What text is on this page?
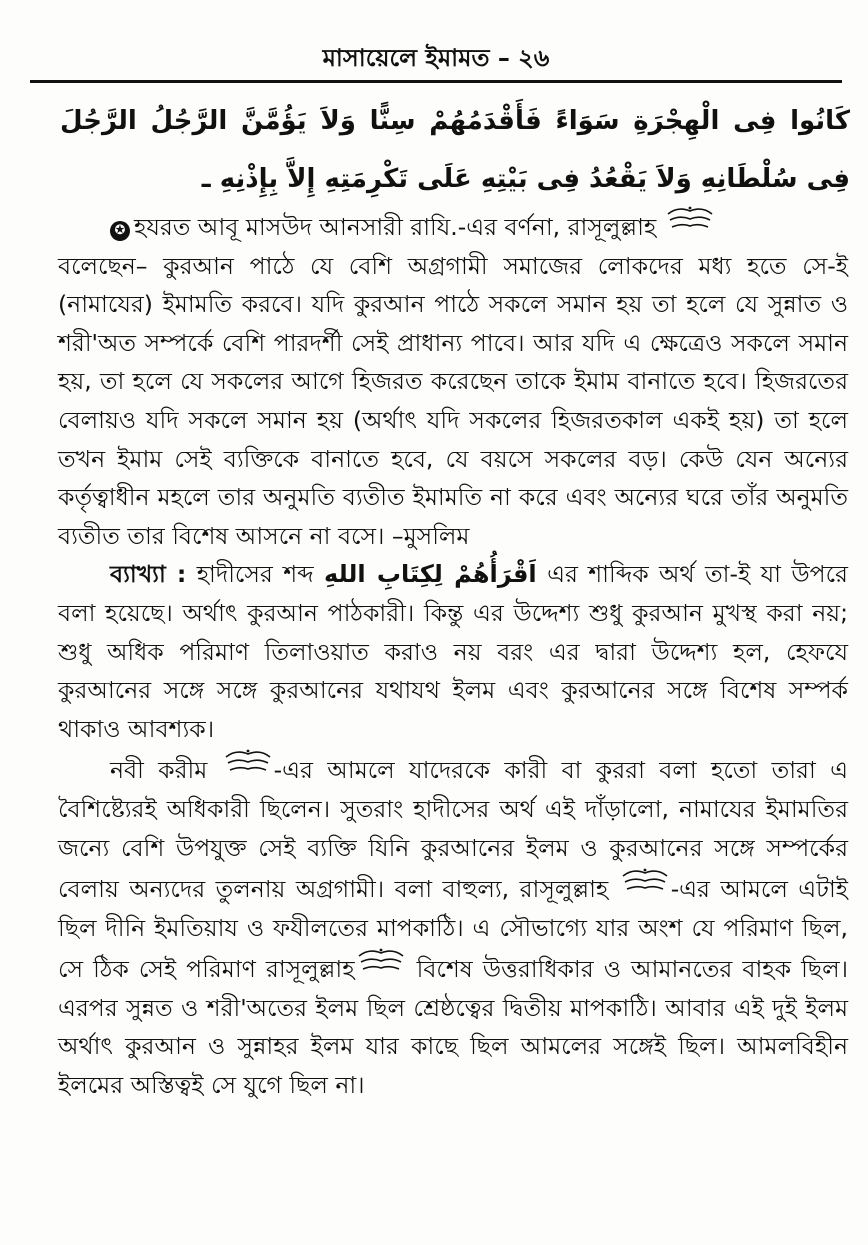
মাসায়েলে ইমামত – ২৬
كَانُوا فِى الْهِجْرَةِ سَوَاءً فَأَقْدَمُهُمْ سِنًّا وَلاَ يَؤُمَّنَّ الرَّجُلُ الرَّجُلَ فِى سُلْطَانِهِ وَلاَ يَقْعُدُ فِى بَيْتِهِ عَلَى تَكْرِمَتِهِ إِلاَّ بِإِذْنِهِ ـ

✪ হযরত আবূ মাসউদ আনসারী রাযি.-এর বর্ণনা, রাসূলুল্লাহ

বলেছেন– কুরআন পাঠে যে বেশি অগ্রগামী সমাজের লোকদের মধ্য হতে সে-ই (নামাযের) ইমামতি করবে। যদি কুরআন পাঠে সকলে সমান হয় তা হলে যে সুন্নাত ও শরী'অত সম্পর্কে বেশি পারদর্শী সেই প্রাধান্য পাবে। আর যদি এ ক্ষেত্রেও সকলে সমান হয়, তা হলে যে সকলের আগে হিজরত করেছেন তাকে ইমাম বানাতে হবে। হিজরতের বেলায়ও যদি সকলে সমান হয় (অর্থাৎ যদি সকলের হিজরতকাল একই হয়) তা হলে তখন ইমাম সেই ব্যক্তিকে বানাতে হবে, যে বয়সে সকলের বড়। কেউ যেন অন্যের কর্তৃত্বাধীন মহলে তার অনুমতি ব্যতীত ইমামতি না করে এবং অন্যের ঘরে তাঁর অনুমতি ব্যতীত তার বিশেষ আসনে না বসে। –মুসলিম

ব্যাখ্যা : হাদীসের শব্দ اَقْرَأُهُمْ لِكِتَابِ اللهِ এর শাব্দিক অর্থ তা-ই যা উপরে বলা হয়েছে। অর্থাৎ কুরআন পাঠকারী। কিন্তু এর উদ্দেশ্য শুধু কুরআন মুখস্থ করা নয়; শুধু অধিক পরিমাণ তিলাওয়াত করাও নয় বরং এর দ্বারা উদ্দেশ্য হল, হেফযে কুরআনের সঙ্গে সঙ্গে কুরআনের যথাযথ ইলম এবং কুরআনের সঙ্গে বিশেষ সম্পর্ক থাকাও আবশ্যক।

নবী করীম	-এর আমলে যাদেরকে কারী বা কুররা বলা হতো তারা এ বৈশিষ্ট্যেরই অধিকারী ছিলেন। সুতরাং হাদীসের অর্থ এই দাঁড়ালো, নামাযের ইমামতির জন্যে বেশি উপযুক্ত সেই ব্যক্তি যিনি কুরআনের ইলম ও কুরআনের সঙ্গে সম্পর্কের বেলায় অন্যদের তুলনায় অগ্রগামী। বলা বাহুল্য, রাসূলুল্লাহ	-এর আমলে এটাই ছিল দীনি ইমতিয়ায ও ফযীলতের মাপকাঠি। এ সৌভাগ্যে যার অংশ যে পরিমাণ ছিল, সে ঠিক সেই পরিমাণ রাসূলুল্লাহ	বিশেষ উত্তরাধিকার ও আমানতের বাহক ছিল। এরপর সুন্নত ও শরী'অতের ইলম ছিল শ্রেষ্ঠত্বের দ্বিতীয় মাপকাঠি। আবার এই দুই ইলম অর্থাৎ কুরআন ও সুন্নাহর ইলম যার কাছে ছিল আমলের সঙ্গেই ছিল। আমলবিহীন ইলমের অস্তিত্বই সে যুগে ছিল না।
